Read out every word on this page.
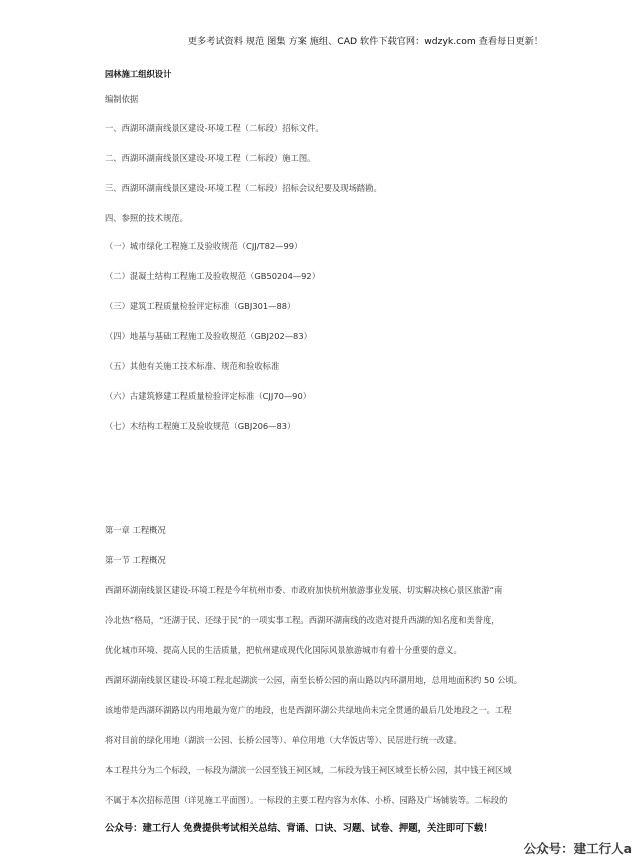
更多考试资料 规范 图集 方案 施组、CAD 软件下载官网：wdzyk.com 查看每日更新！
园林施工组织设计
编制依据
一、西湖环湖南线景区建设-环境工程（二标段）招标文件。
二、西湖环湖南线景区建设-环境工程（二标段）施工图。
三、西湖环湖南线景区建设-环境工程（二标段）招标会议纪要及现场踏勘。
四、参照的技术规范。
（一）城市绿化工程施工及验收规范（CJJ/T82—99）
（二）混凝土结构工程施工及验收规范（GB50204—92）
（三）建筑工程质量检验评定标准（GBJ301—88）
（四）地基与基础工程施工及验收规范（GBJ202—83）
（五）其他有关施工技术标准、规范和验收标准
（六）古建筑修建工程质量检验评定标准（CJJ70—90）
（七）木结构工程施工及验收规范（GBJ206—83）
第一章 工程概况
第一节 工程概况
西湖环湖南线景区建设-环境工程是今年杭州市委、市政府加快杭州旅游事业发展、切实解决核心景区旅游“南
冷北热”格局，“还湖于民、还绿于民”的一项实事工程。西湖环湖南线的改造对提升西湖的知名度和美誉度，
优化城市环境、提高人民的生活质量，把杭州建成现代化国际风景旅游城市有着十分重要的意义。
西湖环湖南线景区建设-环境工程北起湖滨一公园，南至长桥公园的南山路以内环湖用地，总用地面积约 50 公顷。
该地带是西湖环湖路以内用地最为宽广的地段，也是西湖环湖公共绿地尚未完全贯通的最后几处地段之一。工程
将对目前的绿化用地（湖滨一公园、长桥公园等）、单位用地（大华饭店等）、民居进行统一改建。
本工程共分为二个标段，一标段为湖滨一公园至钱王祠区域，二标段为钱王祠区域至长桥公园，其中钱王祠区域
不属于本次招标范围（详见施工平面图）。一标段的主要工程内容为水体、小桥、园路及广场铺装等。二标段的
公众号：建工行人 免费提供考试相关总结、背诵、口诀、习题、试卷、押题，关注即可下载！
公众号：建工行人a
